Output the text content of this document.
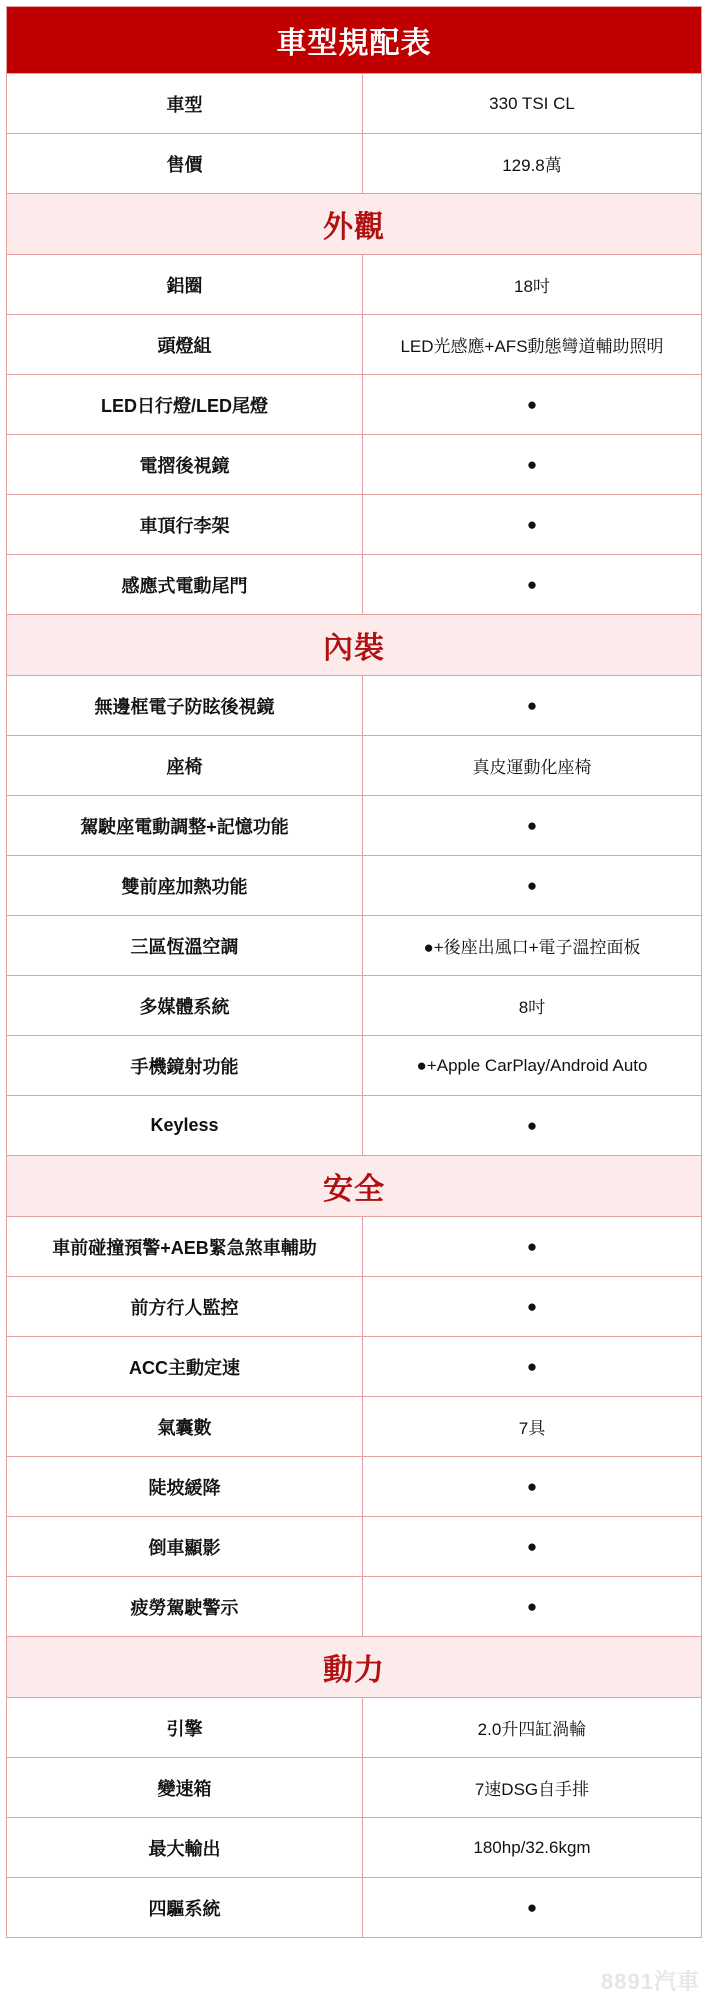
車型規配表
車型	330 TSI CL
售價	129.8萬
外觀
鋁圈	18吋
頭燈組	LED光感應+AFS動態彎道輔助照明
LED日行燈/LED尾燈	●
電摺後視鏡	●
車頂行李架	●
感應式電動尾門	●
內裝
無邊框電子防眩後視鏡	●
座椅	真皮運動化座椅
駕駛座電動調整+記憶功能	●
雙前座加熱功能	●
三區恆溫空調	●+後座出風口+電子溫控面板
多媒體系統	8吋
手機鏡射功能	●+Apple CarPlay/Android Auto
Keyless	●
安全
車前碰撞預警+AEB緊急煞車輔助	●
前方行人監控	●
ACC主動定速	●
氣囊數	7具
陡坡緩降	●
倒車顯影	●
疲勞駕駛警示	●
動力
引擎	2.0升四缸渦輪
變速箱	7速DSG自手排
最大輸出	180hp/32.6kgm
四驅系統	●
8891汽車
